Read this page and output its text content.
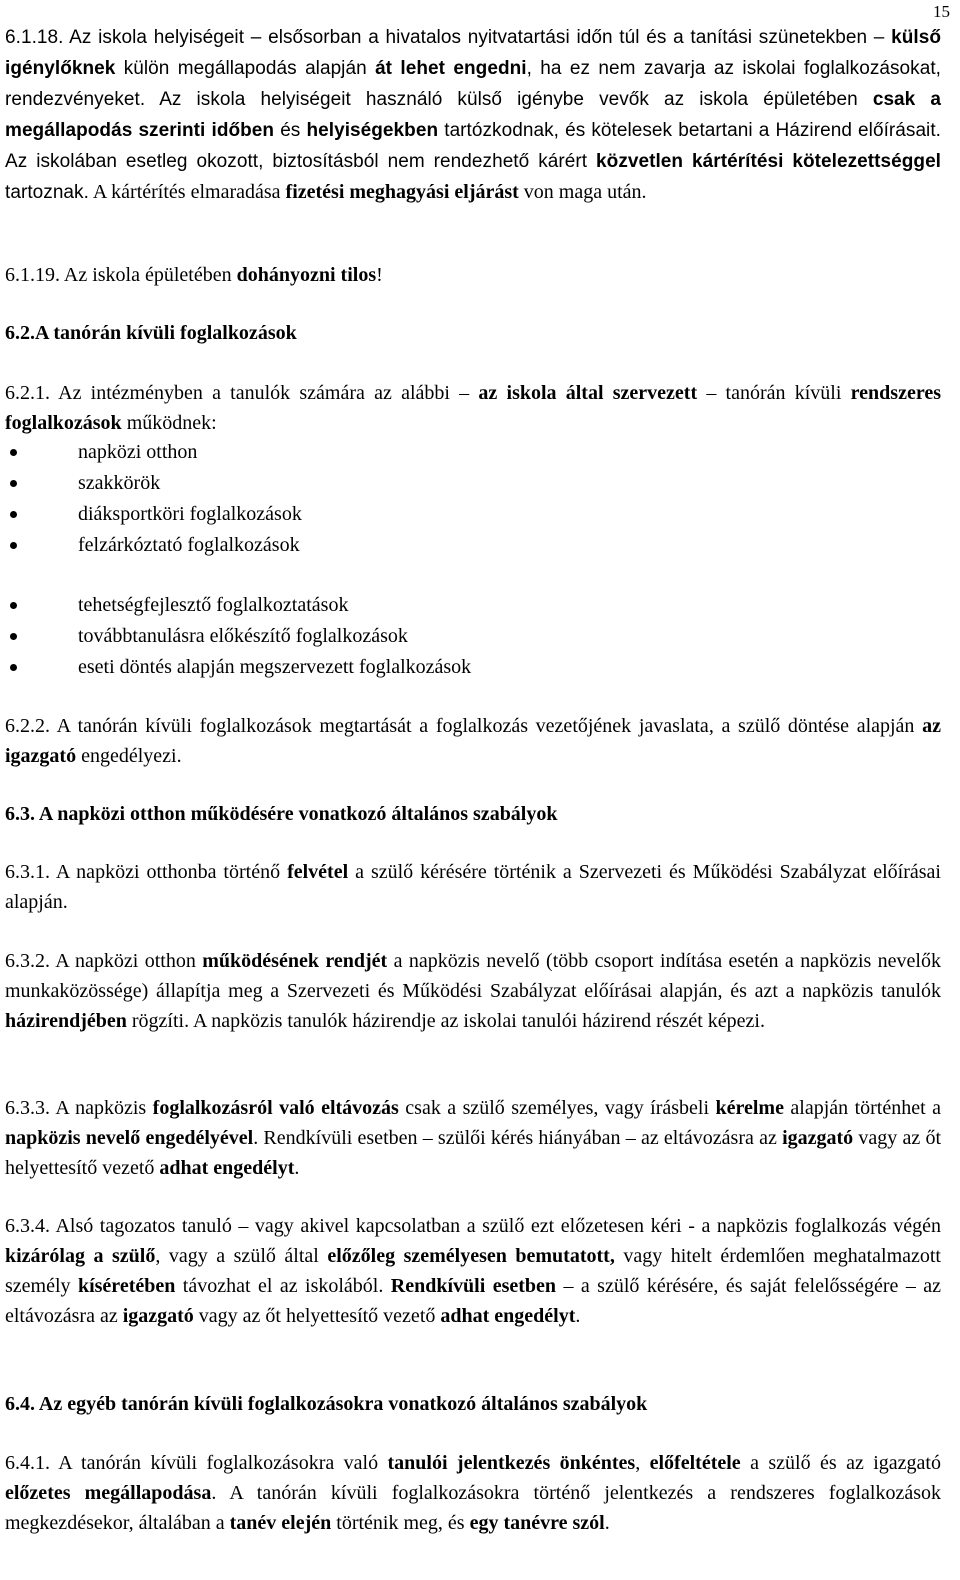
15
6.1.18. Az iskola helyiségeit – elsősorban a hivatalos nyitvatartási időn túl és a tanítási szünetekben – külső igénylőknek külön megállapodás alapján át lehet engedni, ha ez nem zavarja az iskolai foglalkozásokat, rendezvényeket. Az iskola helyiségeit használó külső igénybe vevők az iskola épületében csak a megállapodás szerinti időben és helyiségekben tartózkodnak, és kötelesek betartani a Házirend előírásait. Az iskolában esetleg okozott, biztosításból nem rendezhető kárért közvetlen kártérítési kötelezettséggel tartoznak. A kártérítés elmaradása fizetési meghagyási eljárást von maga után.
6.1.19. Az iskola épületében dohányozni tilos!
6.2.A tanórán kívüli foglalkozások
6.2.1. Az intézményben a tanulók számára az alábbi – az iskola által szervezett – tanórán kívüli rendszeres foglalkozások működnek:
napközi otthon
szakkörök
diáksportköri foglalkozások
felzárkóztató foglalkozások
tehetségfejlesztő foglalkoztatások
továbbtanulásra előkészítő foglalkozások
eseti döntés alapján megszervezett foglalkozások
6.2.2. A tanórán kívüli foglalkozások megtartását a foglalkozás vezetőjének javaslata, a szülő döntése alapján az igazgató engedélyezi.
6.3. A napközi otthon működésére vonatkozó általános szabályok
6.3.1. A napközi otthonba történő felvétel a szülő kérésére történik a Szervezeti és Működési Szabályzat előírásai alapján.
6.3.2. A napközi otthon működésének rendjét a napközis nevelő (több csoport indítása esetén a napközis nevelők munkaközössége) állapítja meg a Szervezeti és Működési Szabályzat előírásai alapján, és azt a napközis tanulók házirendjében rögzíti. A napközis tanulók házirendje az iskolai tanulói házirend részét képezi.
6.3.3. A napközis foglalkozásról való eltávozás csak a szülő személyes, vagy írásbeli kérelme alapján történhet a napközis nevelő engedélyével. Rendkívüli esetben – szülői kérés hiányában – az eltávozásra az igazgató vagy az őt helyettesítő vezető adhat engedélyt.
6.3.4. Alsó tagozatos tanuló – vagy akivel kapcsolatban a szülő ezt előzetesen kéri - a napközis foglalkozás végén kizárólag a szülő, vagy a szülő által előzőleg személyesen bemutatott, vagy hitelt érdemlően meghatalmazott személy kíséretében távozhat el az iskolából. Rendkívüli esetben – a szülő kérésére, és saját felelősségére – az eltávozásra az igazgató vagy az őt helyettesítő vezető adhat engedélyt.
6.4. Az egyéb tanórán kívüli foglalkozásokra vonatkozó általános szabályok
6.4.1. A tanórán kívüli foglalkozásokra való tanulói jelentkezés önkéntes, előfeltétele a szülő és az igazgató előzetes megállapodása. A tanórán kívüli foglalkozásokra történő jelentkezés a rendszeres foglalkozások megkezdésekor, általában a tanév elején történik meg, és egy tanévre szól.
